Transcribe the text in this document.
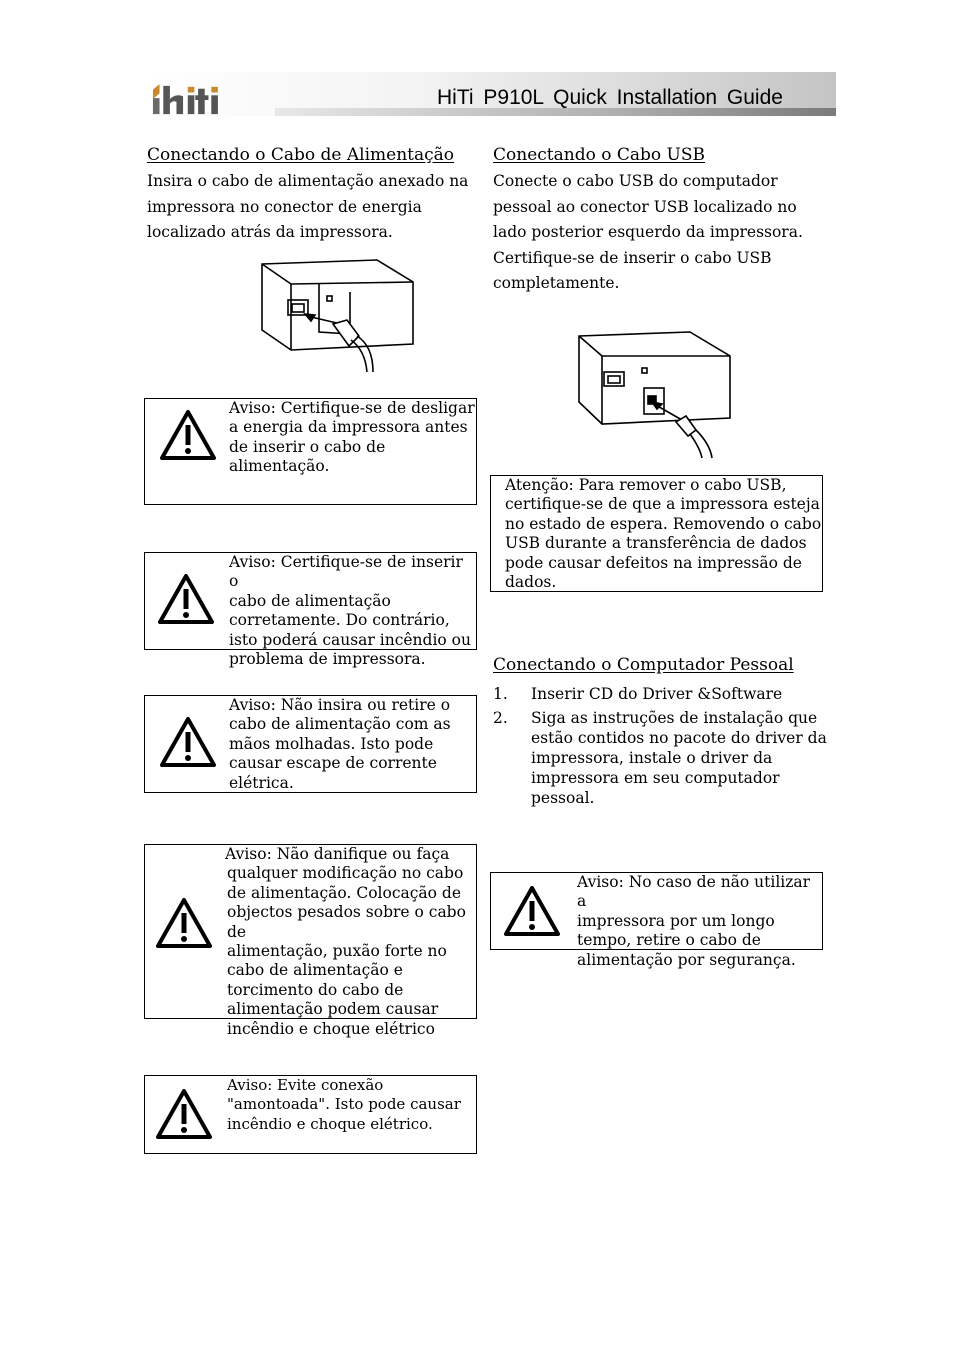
HiTi P910L Quick Installation Guide
Conectando o Cabo de Alimentação
Insira o cabo de alimentação anexado na
impressora no conector de energia
localizado atrás da impressora.
Aviso: Certifique-se de desligar
a energia da impressora antes
de inserir o cabo de
alimentação.
Aviso: Certifique-se de inserir o
cabo de alimentação
corretamente. Do contrário,
isto poderá causar incêndio ou
problema de impressora.
Aviso: Não insira ou retire o
cabo de alimentação com as
mãos molhadas. Isto pode
causar escape de corrente
elétrica.
Aviso: Não danifique ou faça
qualquer modificação no cabo
de alimentação. Colocação de
objectos pesados sobre o cabo de
alimentação, puxão forte no
cabo de alimentação e
torcimento do cabo de
alimentação podem causar
incêndio e choque elétrico
Aviso: Evite conexão
"amontoada". Isto pode causar
incêndio e choque elétrico.
Conectando o Cabo USB
Conecte o cabo USB do computador
pessoal ao conector USB localizado no
lado posterior esquerdo da impressora.
Certifique-se de inserir o cabo USB
completamente.
Atenção: Para remover o cabo USB,
certifique-se de que a impressora esteja
no estado de espera. Removendo o cabo
USB durante a transferência de dados
pode causar defeitos na impressão de
dados.
Conectando o Computador Pessoal
1. Inserir CD do Driver &Software
2. Siga as instruções de instalação que
estão contidos no pacote do driver da
impressora, instale o driver da
impressora em seu computador
pessoal.
Aviso: No caso de não utilizar a
impressora por um longo
tempo, retire o cabo de
alimentação por segurança.
